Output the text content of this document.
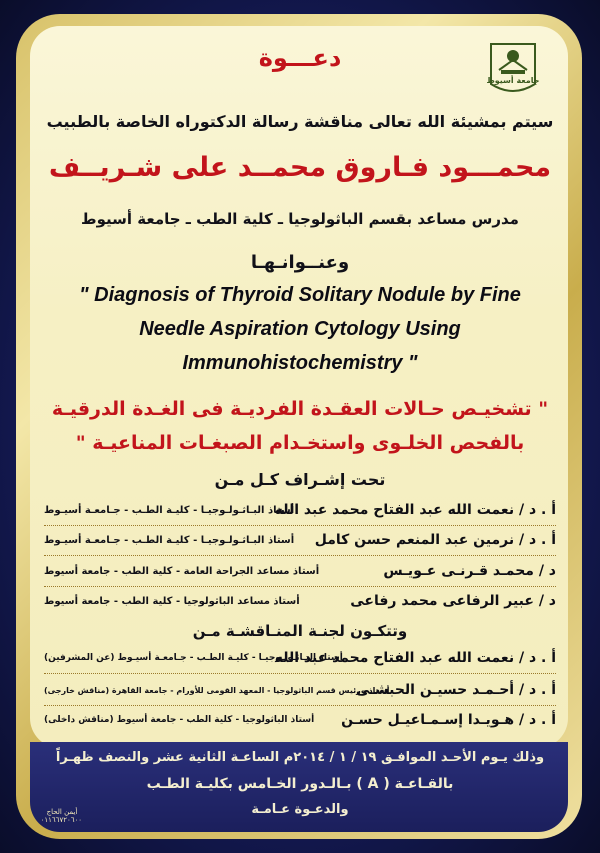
جامعة أسيوط
دعـــوة
سيتم بمشيئة الله تعالى مناقشة رسالة الدكتوراه الخاصة بالطبيب
محمـــود فـاروق محمــد على شـريــف
مدرس مساعد بقسم الباثولوجيا ـ كلية الطب ـ جامعة أسيوط
وعنــوانـهـا
" Diagnosis of Thyroid Solitary Nodule by Fine
Needle Aspiration Cytology Using
Immunohistochemistry "
" تشخيـص حـالات العقـدة الفرديـة فى الغـدة الدرقيـة
بالفحص الخلـوى واستخـدام الصبغـات المناعيـة "
تحت إشـراف كـل مـن
أ . د / نعمت الله عبد الفتاح محمد عبد الله
أستاذ البـاثـولـوجيـا - كليـة الطـب - جـامعـة أسيـوط
أ . د / نرمين عبد المنعم حسن كامل
أستاذ البـاثـولـوجيـا - كليـة الطـب - جـامعـة أسيـوط
د / محمـد قـرنـى عـويـس
أستاذ مساعد الجراحة العامة - كلية الطب - جامعة أسيوط
د / عبير الرفاعى محمد رفاعى
أستاذ مساعد الباثولوجيا - كلية الطب - جامعة أسيوط
وتتكـون لجنـة المنـاقشـة مـن
أ . د / نعمت الله عبد الفتاح محمد عبد الله
أستاذ البـاثـولـوجيـا - كليـة الطـب - جـامعـة أسيـوط (عن المشرفين)
أ . د / أحـمـد حسيـن الحبشـى
أستاذ ورئيس قسم الباثولوجيا - المعهد القومى للأورام - جامعة القاهرة (مناقش خارجى)
أ . د / هـويـدا إسـمـاعيـل حسـن
أستاذ الباثولوجيا - كلية الطب - جامعة أسيوط (مناقش داخلى)
وذلك يـوم الأحـد الموافـق ١٩ / ١ / ٢٠١٤م الساعـة الثانية عشر والنصف ظهـراً
بالقـاعـة ( A ) بـالـدور الخـامس بكليـة الطـب
والدعـوة عـامـة
أيمن الحاج ٠١١٦٦٧٢٠٦٠٠
